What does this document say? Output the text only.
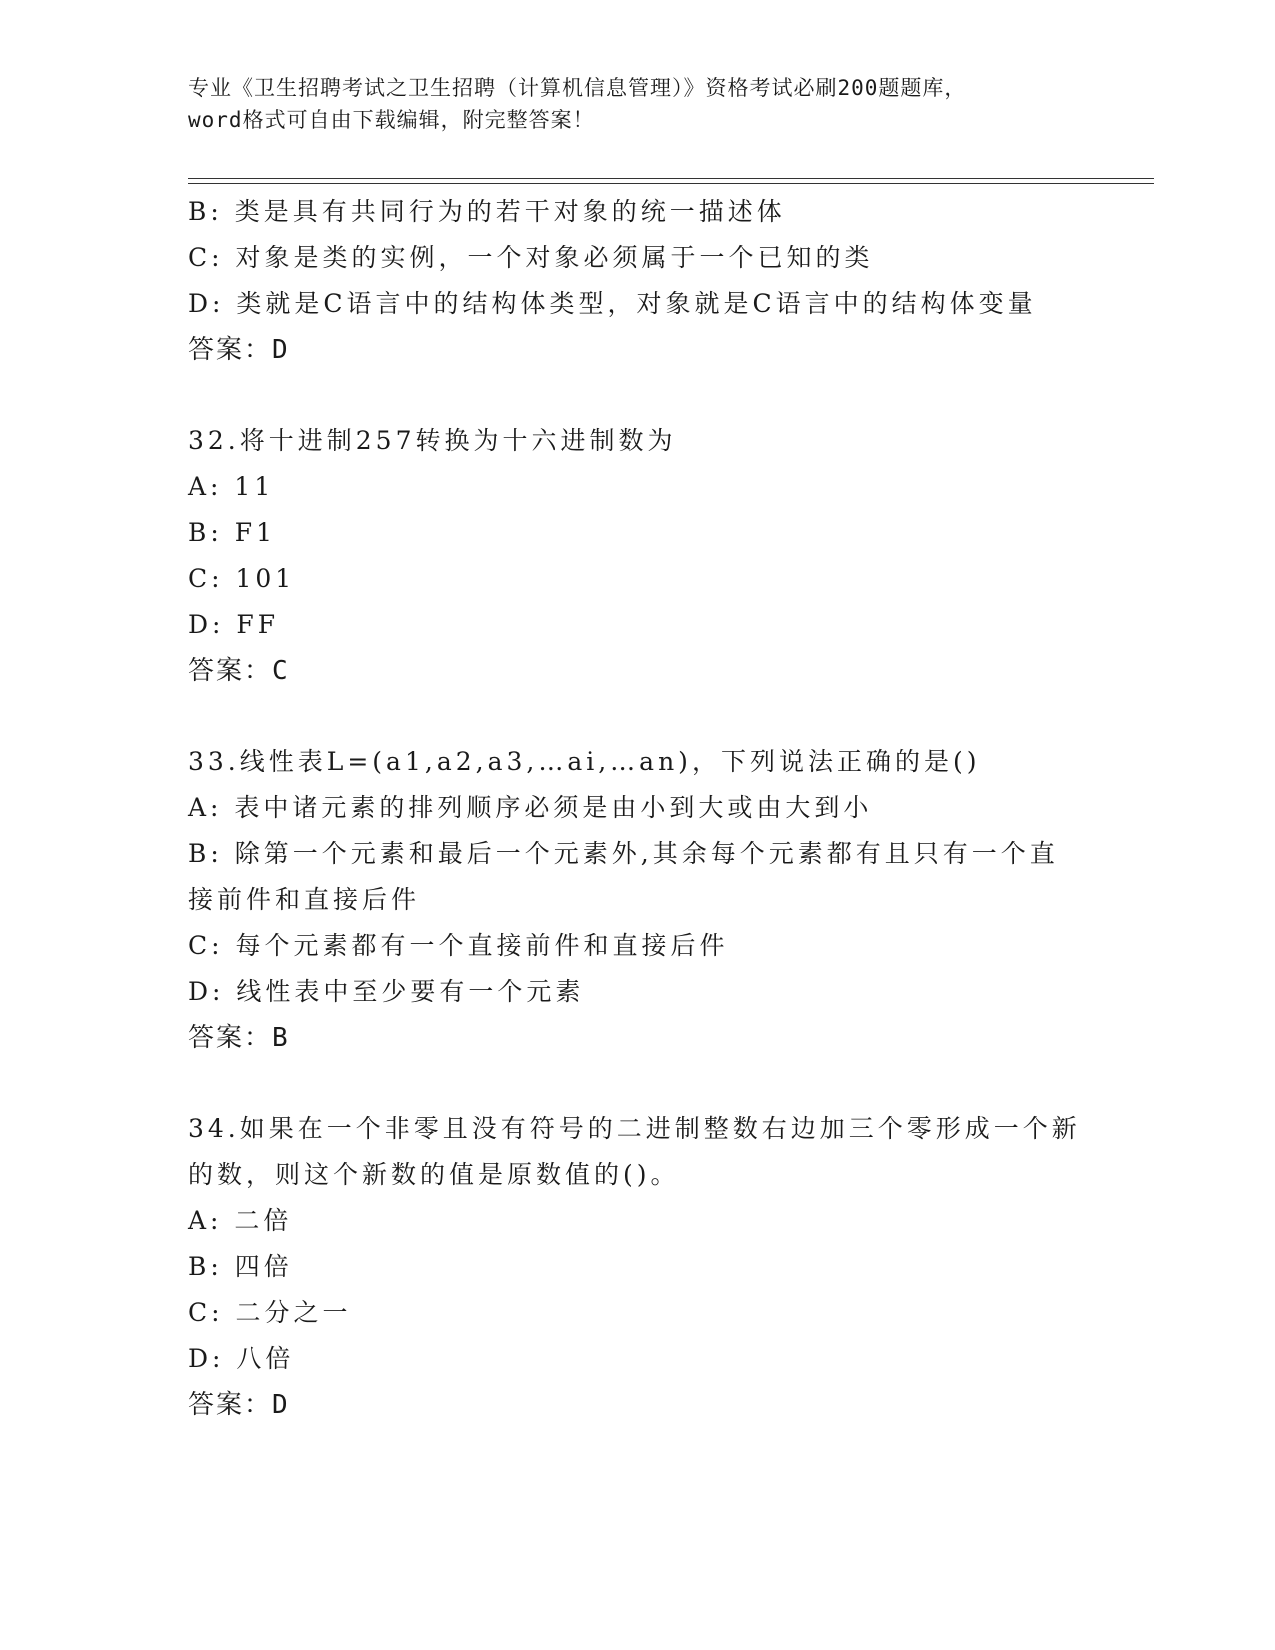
专业《卫生招聘考试之卫生招聘（计算机信息管理）》资格考试必刷200题题库，
word格式可自由下载编辑，附完整答案！
B: 类是具有共同行为的若干对象的统一描述体
C: 对象是类的实例，一个对象必须属于一个已知的类
D: 类就是C语言中的结构体类型，对象就是C语言中的结构体变量
答案：D
32.将十进制257转换为十六进制数为
A: 11
B: F1
C: 101
D: FF
答案：C
33.线性表L=(a1,a2,a3,…ai,…an)，下列说法正确的是()
A: 表中诸元素的排列顺序必须是由小到大或由大到小
B: 除第一个元素和最后一个元素外,其余每个元素都有且只有一个直
接前件和直接后件
C: 每个元素都有一个直接前件和直接后件
D: 线性表中至少要有一个元素
答案：B
34.如果在一个非零且没有符号的二进制整数右边加三个零形成一个新
的数，则这个新数的值是原数值的()。
A: 二倍
B: 四倍
C: 二分之一
D: 八倍
答案：D
